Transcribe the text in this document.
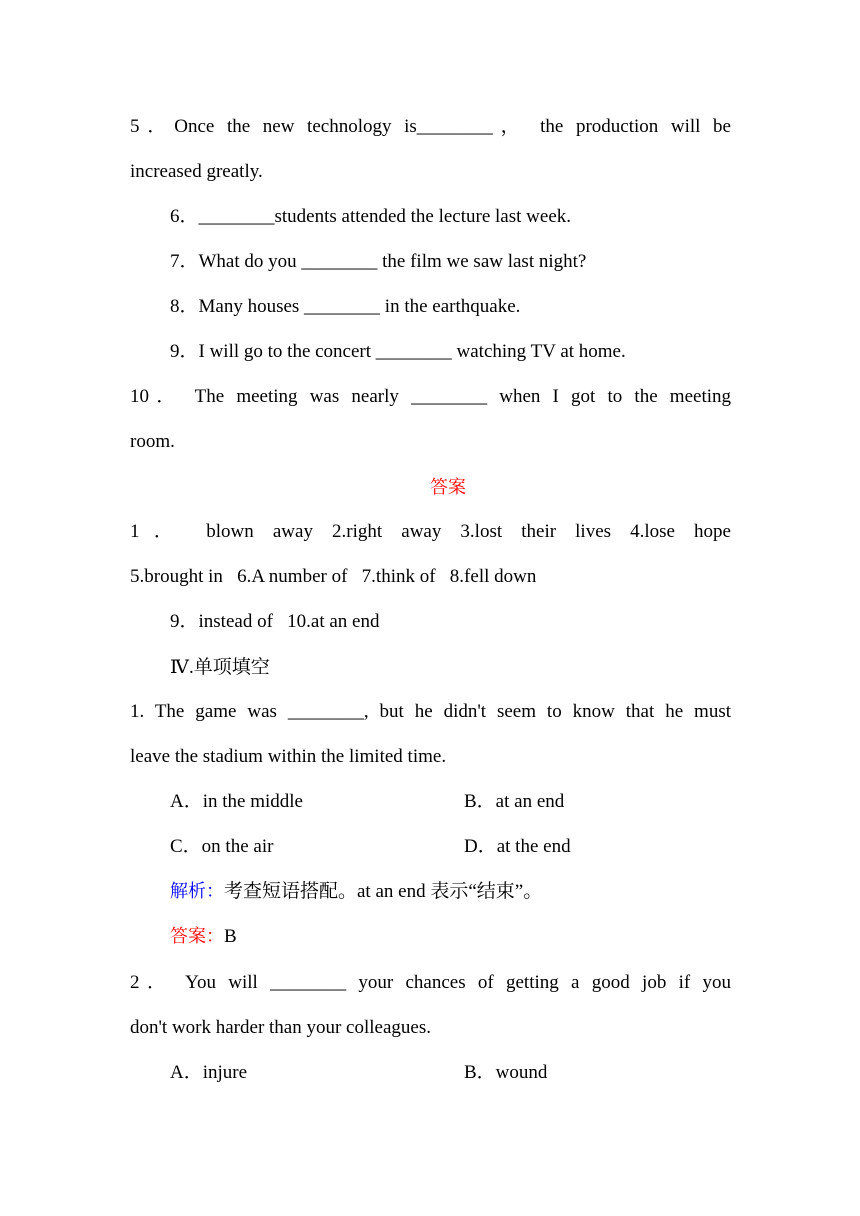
5．Once the new technology is________， the production will be
increased greatly.
6．________students attended the lecture last week.
7．What do you ________ the film we saw last night?
8．Many houses ________ in the earthquake.
9．I will go to the concert ________ watching TV at home.
10． The meeting was nearly ________ when I got to the meeting
room.
答案
1． blown away 2.right away 3.lost their lives 4.lose hope
5.brought in   6.A number of   7.think of   8.fell down
9．instead of   10.at an end
Ⅳ.单项填空
1. The game was ________, but he didn't seem to know that he must
leave the stadium within the limited time.
A．in the middle	B．at an end
C．on the air	D．at the end
解析：考查短语搭配。at an end 表示“结束”。
答案：B
2． You will ________ your chances of getting a good job if you
don't work harder than your colleagues.
A．injure	B．wound
